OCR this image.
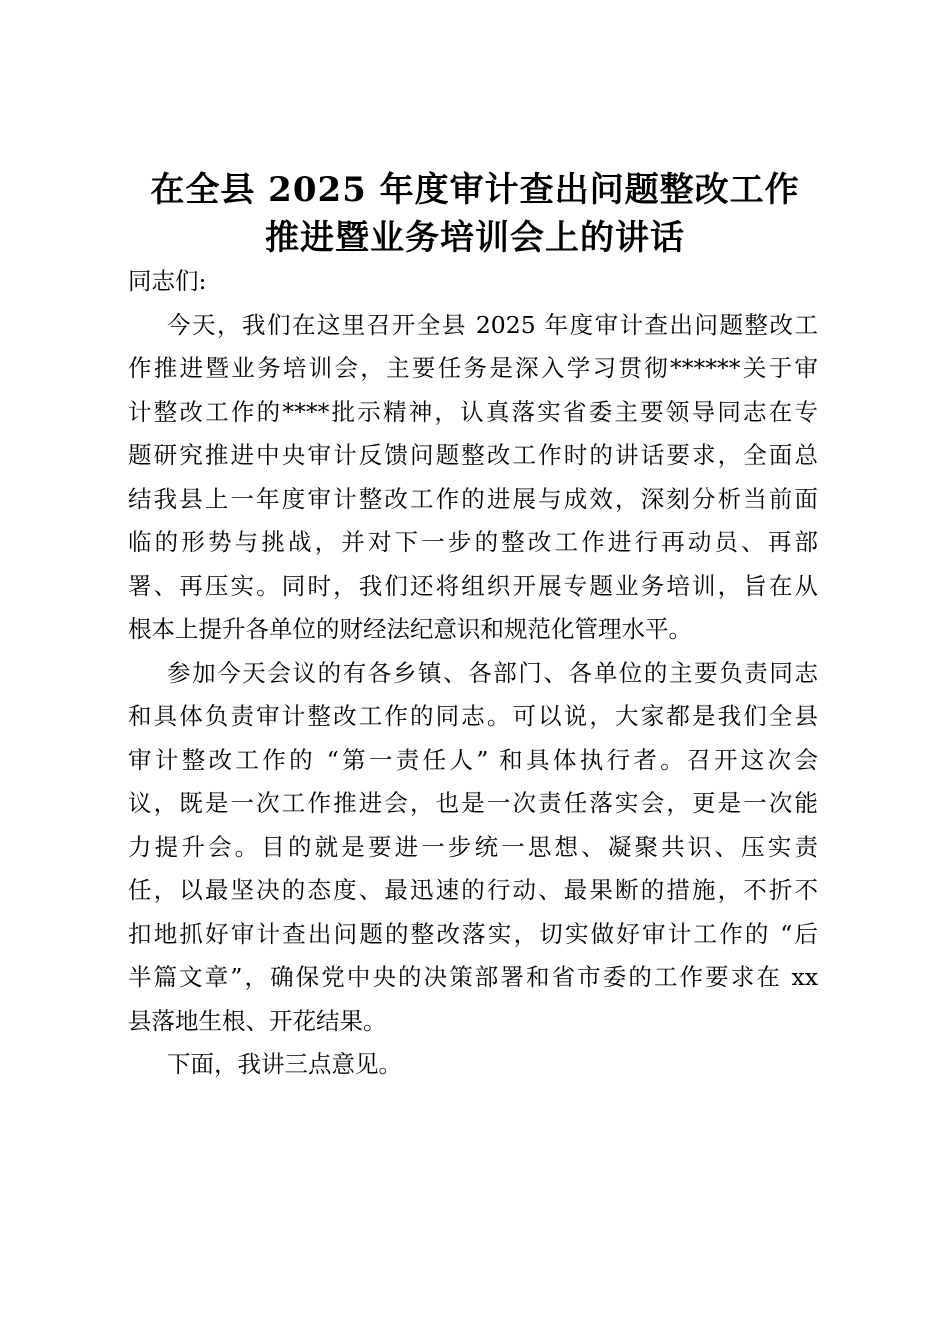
在全县 2025 年度审计查出问题整改工作
推进暨业务培训会上的讲话
同志们:
今天，我们在这里召开全县 2025 年度审计查出问题整改工
作推进暨业务培训会，主要任务是深入学习贯彻******关于审
计整改工作的****批示精神，认真落实省委主要领导同志在专
题研究推进中央审计反馈问题整改工作时的讲话要求，全面总
结我县上一年度审计整改工作的进展与成效，深刻分析当前面
临的形势与挑战，并对下一步的整改工作进行再动员、再部
署、再压实。同时，我们还将组织开展专题业务培训，旨在从
根本上提升各单位的财经法纪意识和规范化管理水平。
参加今天会议的有各乡镇、各部门、各单位的主要负责同志
和具体负责审计整改工作的同志。可以说，大家都是我们全县
审计整改工作的 “第一责任人” 和具体执行者。召开这次会
议，既是一次工作推进会，也是一次责任落实会，更是一次能
力提升会。目的就是要进一步统一思想、凝聚共识、压实责
任，以最坚决的态度、最迅速的行动、最果断的措施，不折不
扣地抓好审计查出问题的整改落实，切实做好审计工作的 “后
半篇文章”，确保党中央的决策部署和省市委的工作要求在 xx
县落地生根、开花结果。
下面，我讲三点意见。
